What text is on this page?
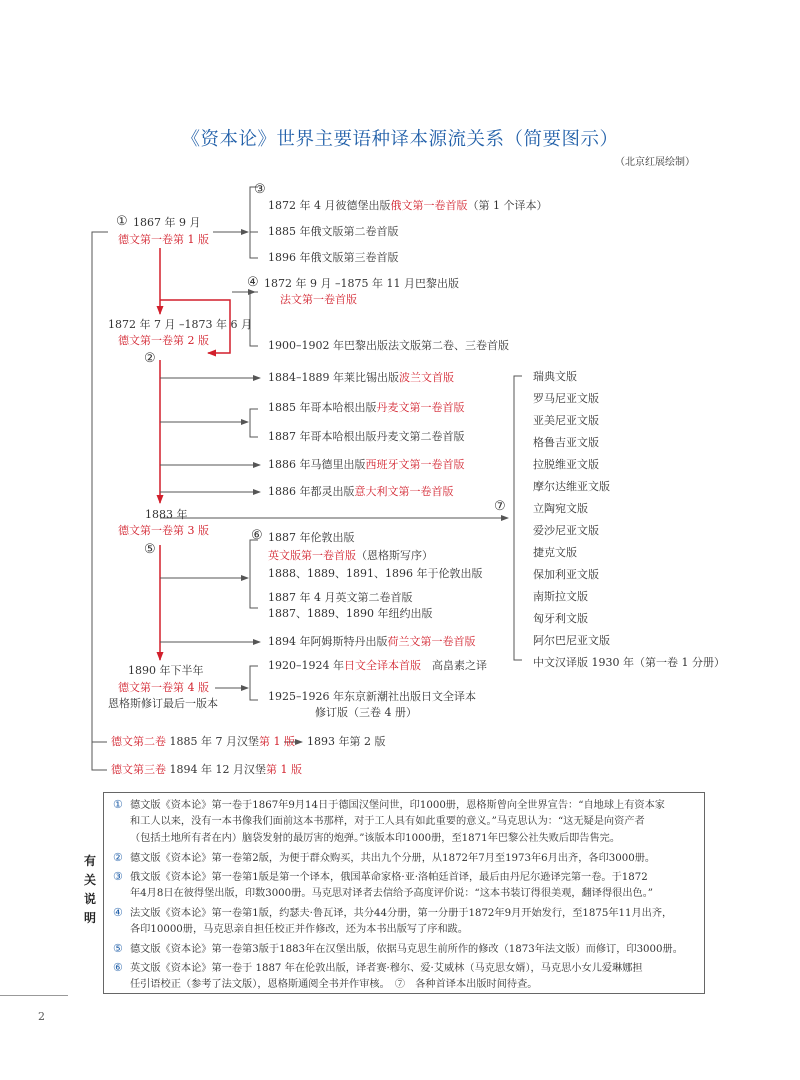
《资本论》世界主要语种译本源流关系（简要图示）
（北京红展绘制）
① 1867 年 9 月
德文第一卷第 1 版
1872 年 7 月 –1873 年 6 月
德文第一卷第 2 版
②
1883 年
德文第一卷第 3 版
⑤
1890 年下半年
德文第一卷第 4 版
恩格斯修订最后一版本
③
1872 年 4 月彼德堡出版俄文第一卷首版（第 1 个译本）
1885 年俄文版第二卷首版
1896 年俄文版第三卷首版
④ 1872 年 9 月 –1875 年 11 月巴黎出版
法文第一卷首版
1900–1902 年巴黎出版法文版第二卷、三卷首版
1884–1889 年莱比锡出版波兰文首版
1885 年哥本哈根出版丹麦文第一卷首版
1887 年哥本哈根出版丹麦文第二卷首版
1886 年马德里出版西班牙文第一卷首版
1886 年都灵出版意大利文第一卷首版
⑦
⑥ 1887 年伦敦出版
英文版第一卷首版（恩格斯写序）
1888、1889、1891、1896 年于伦敦出版
1887 年 4 月英文第二卷首版
1887、1889、1890 年纽约出版
1894 年阿姆斯特丹出版荷兰文第一卷首版
1920–1924 年日文全译本首版　高畠素之译
1925–1926 年东京新潮社出版日文全译本
修订版（三卷 4 册）
德文第二卷 1885 年 7 月汉堡第 1 版 1893 年第 2 版
德文第三卷 1894 年 12 月汉堡第 1 版
瑞典文版
罗马尼亚文版
亚美尼亚文版
格鲁吉亚文版
拉脱维亚文版
摩尔达维亚文版
立陶宛文版
爱沙尼亚文版
捷克文版
保加利亚文版
南斯拉文版
匈牙利文版
阿尔巴尼亚文版
中文汉译版 1930 年（第一卷 1 分册）
有关说明
① 德文版《资本论》第一卷于1867年9月14日于德国汉堡问世，印1000册，恩格斯曾向全世界宣告：“自地球上有资本家
和工人以来，没有一本书像我们面前这本书那样，对于工人具有如此重要的意义。”马克思认为：“这无疑是向资产者
（包括土地所有者在内）脑袋发射的最厉害的炮弹。”该版本印1000册，至1871年巴黎公社失败后即告售完。
② 德文版《资本论》第一卷第2版，为便于群众购买，共出九个分册，从1872年7月至1973年6月出齐，各印3000册。
③ 俄文版《资本论》第一卷第1版是第一个译本，俄国革命家格·亚·洛帕廷首译，最后由丹尼尔逊译完第一卷。于1872
年4月8日在彼得堡出版，印数3000册。马克思对译者去信给予高度评价说：“这本书装订得很美观，翻译得很出色。”
④ 法文版《资本论》第一卷第1版，约瑟夫·鲁瓦译，共分44分册，第一分册于1872年9月开始发行，至1875年11月出齐，
各印10000册，马克思亲自担任校正并作修改，还为本书出版写了序和跋。
⑤ 德文版《资本论》第一卷第3版于1883年在汉堡出版，依据马克思生前所作的修改（1873年法文版）而修订，印3000册。
⑥ 英文版《资本论》第一卷于 1887 年在伦敦出版，译者赛·穆尔、爱·艾威林（马克思女婿），马克思小女儿爱琳娜担
任引语校正（参考了法文版），恩格斯通阅全书并作审核。　⑦　各种首译本出版时间待查。
2
